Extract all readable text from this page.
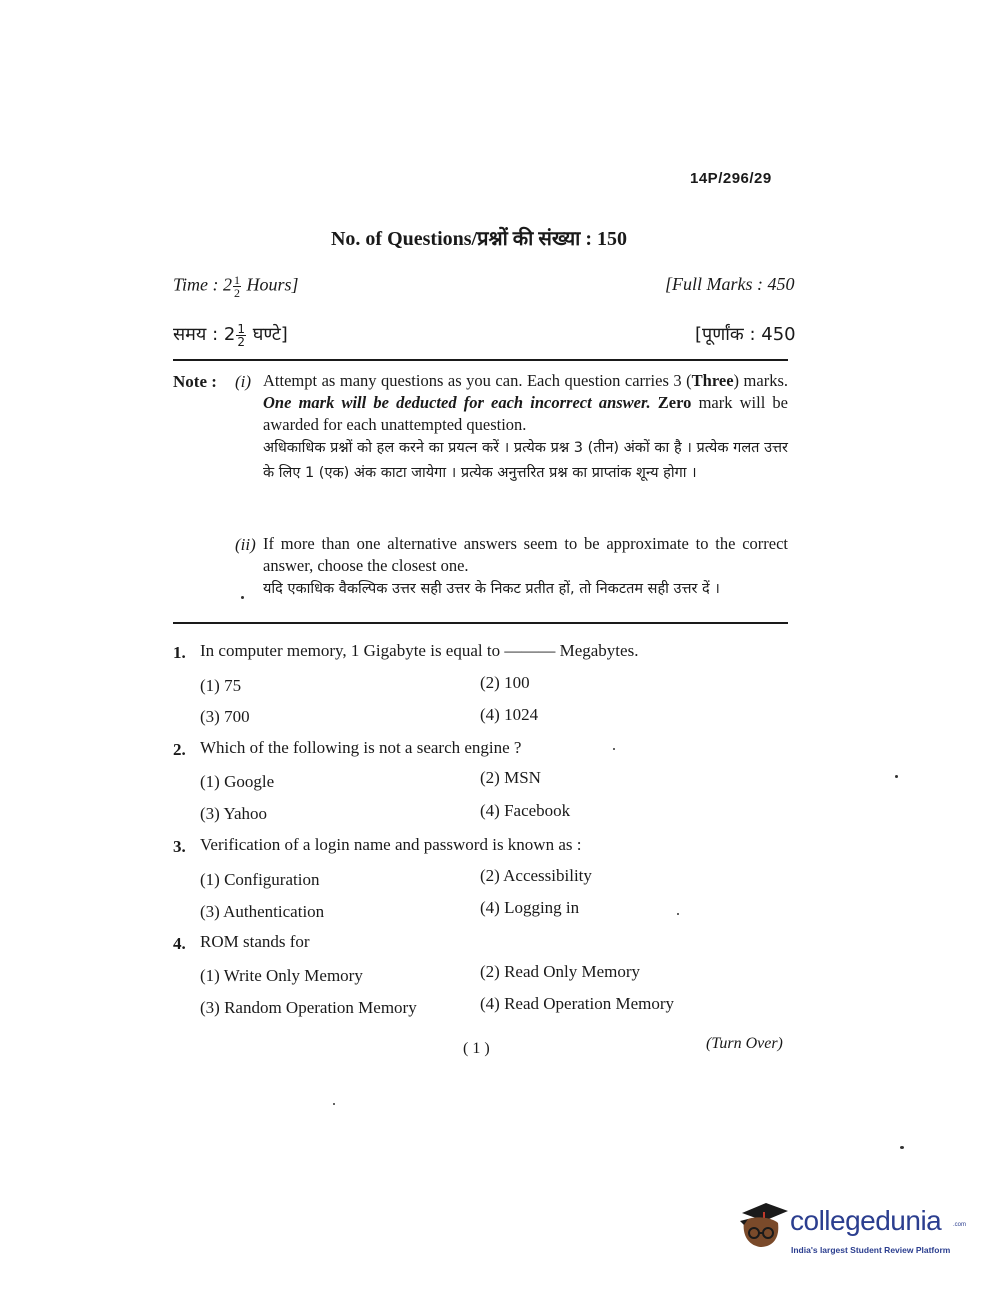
14P/296/29
No. of Questions/प्रश्नों की संख्या : 150
Time : $2 \frac{1}{2}$ Hours]	[Full Marks : 450
समय : $2 \frac{1}{2}$ घण्टे]	[पूर्णांक : 450
Note : (i) Attempt as many questions as you can. Each question carries 3 (Three) marks. One mark will be deducted for each incorrect answer. Zero mark will be awarded for each unattempted question.
अधिकाधिक प्रश्नों को हल करने का प्रयत्न करें । प्रत्येक प्रश्न 3 (तीन) अंकों का है । प्रत्येक गलत उत्तर के लिए 1 (एक) अंक काटा जायेगा । प्रत्येक अनुत्तरित प्रश्न का प्राप्तांक शून्य होगा ।
(ii) If more than one alternative answers seem to be approximate to the correct answer, choose the closest one.
यदि एकाधिक वैकल्पिक उत्तर सही उत्तर के निकट प्रतीत हों, तो निकटतम सही उत्तर दें ।
1. In computer memory, 1 Gigabyte is equal to ——— Megabytes.
(1) 75	(2) 100
(3) 700	(4) 1024
2. Which of the following is not a search engine ?
(1) Google	(2) MSN
(3) Yahoo	(4) Facebook
3. Verification of a login name and password is known as :
(1) Configuration	(2) Accessibility
(3) Authentication	(4) Logging in
4. ROM stands for
(1) Write Only Memory	(2) Read Only Memory
(3) Random Operation Memory	(4) Read Operation Memory
( 1 )	(Turn Over)
collegedunia .com
India's largest Student Review Platform
